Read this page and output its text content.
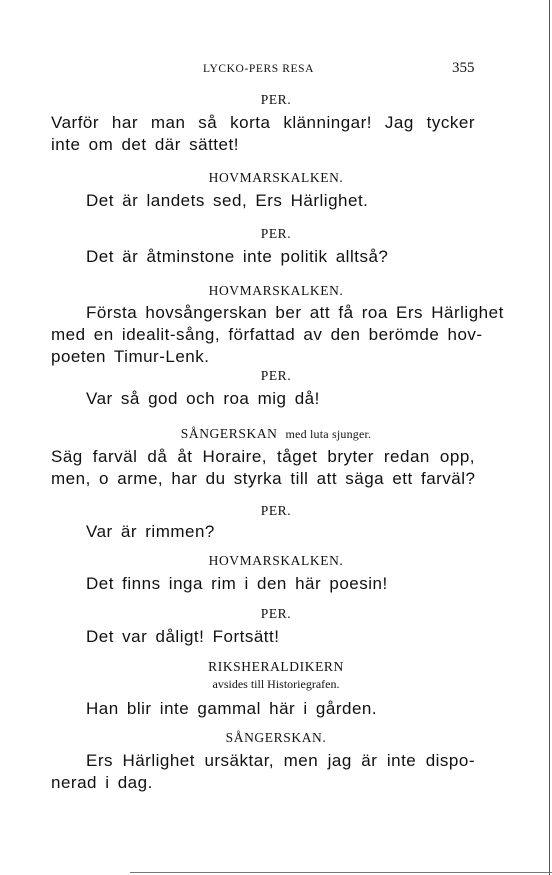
LYCKO-PERS RESA	355
PER.
Varför har man så korta klänningar! Jag tycker
inte om det där sättet!
HOVMARSKALKEN.
Det är landets sed, Ers Härlighet.
PER.
Det är åtminstone inte politik alltså?
HOVMARSKALKEN.
Första hovsångerskan ber att få roa Ers Härlighet
med en idealit-sång, författad av den berömde hov-
poeten Timur-Lenk.
PER.
Var så god och roa mig då!
SÅNGERSKAN med luta sjunger.
Säg farväl då åt Horaire, tåget bryter redan opp,
men, o arme, har du styrka till att säga ett farväl?
PER.
Var är rimmen?
HOVMARSKALKEN.
Det finns inga rim i den här poesin!
PER.
Det var dåligt! Fortsätt!
RIKSHERALDIKERN
avsides till Historiegrafen.
Han blir inte gammal här i gården.
SÅNGERSKAN.
Ers Härlighet ursäktar, men jag är inte dispo-
nerad i dag.
